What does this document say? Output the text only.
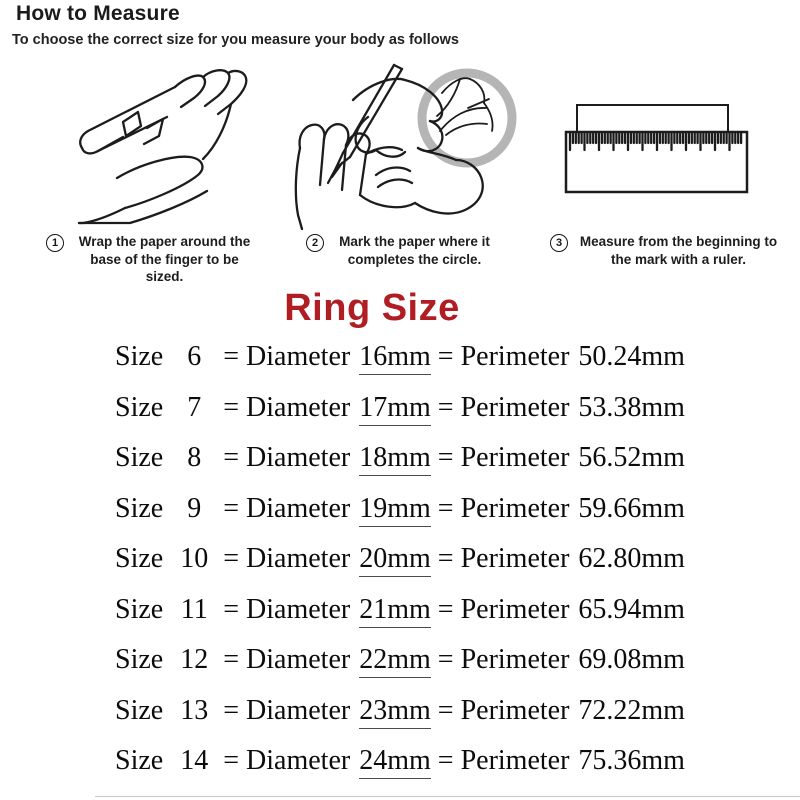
How to Measure
To choose the correct size for you measure your body as follows
1	Wrap the paper around the
base of the finger to be sized.
2	Mark the paper where it
completes the circle.
3	Measure from the beginning to
the mark with a ruler.
Ring Size
Size 6 = Diameter 16mm = Perimeter 50.24mm
Size 7 = Diameter 17mm = Perimeter 53.38mm
Size 8 = Diameter 18mm = Perimeter 56.52mm
Size 9 = Diameter 19mm = Perimeter 59.66mm
Size 10 = Diameter 20mm = Perimeter 62.80mm
Size 11 = Diameter 21mm = Perimeter 65.94mm
Size 12 = Diameter 22mm = Perimeter 69.08mm
Size 13 = Diameter 23mm = Perimeter 72.22mm
Size 14 = Diameter 24mm = Perimeter 75.36mm
